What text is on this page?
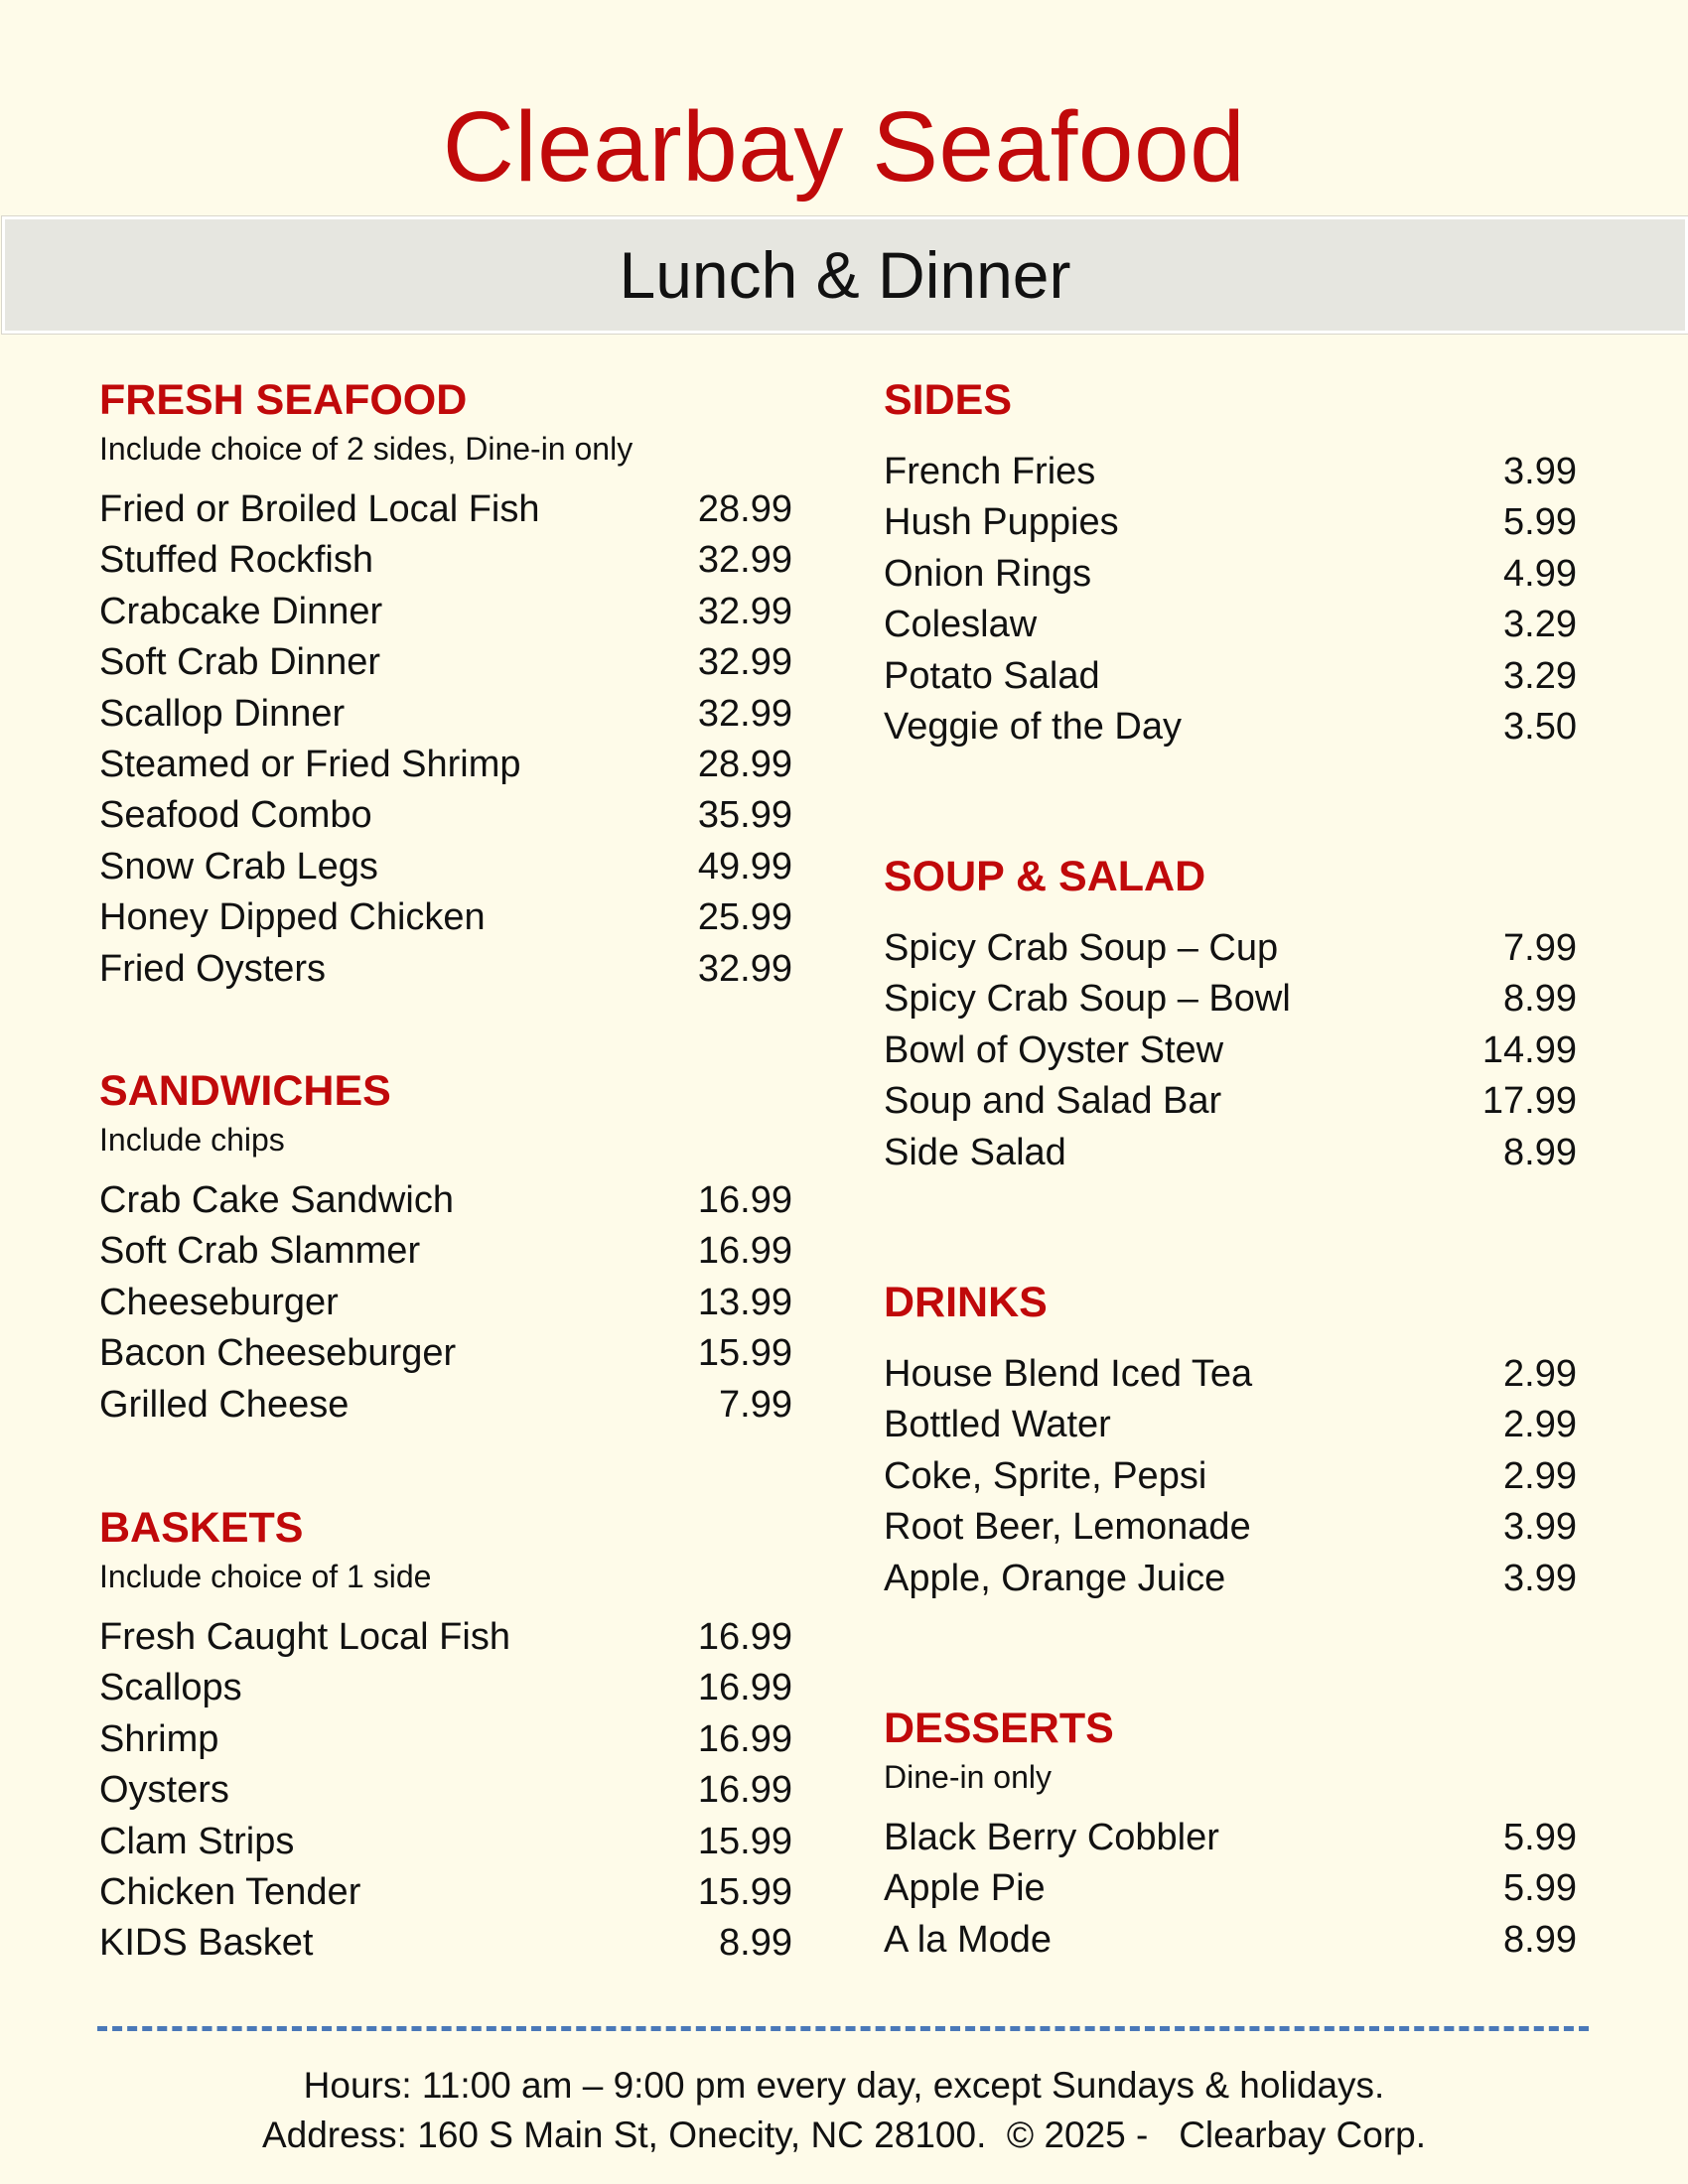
Clearbay Seafood
Lunch & Dinner
FRESH SEAFOOD
Include choice of 2 sides, Dine-in only
Fried or Broiled Local Fish	28.99
Stuffed Rockfish	32.99
Crabcake Dinner	32.99
Soft Crab Dinner	32.99
Scallop Dinner	32.99
Steamed or Fried Shrimp	28.99
Seafood Combo	35.99
Snow Crab Legs	49.99
Honey Dipped Chicken	25.99
Fried Oysters	32.99
SANDWICHES
Include chips
Crab Cake Sandwich	16.99
Soft Crab Slammer	16.99
Cheeseburger	13.99
Bacon Cheeseburger	15.99
Grilled Cheese	7.99
BASKETS
Include choice of 1 side
Fresh Caught Local Fish	16.99
Scallops	16.99
Shrimp	16.99
Oysters	16.99
Clam Strips	15.99
Chicken Tender	15.99
KIDS Basket	8.99
SIDES
French Fries	3.99
Hush Puppies	5.99
Onion Rings	4.99
Coleslaw	3.29
Potato Salad	3.29
Veggie of the Day	3.50
SOUP & SALAD
Spicy Crab Soup – Cup	7.99
Spicy Crab Soup – Bowl	8.99
Bowl of Oyster Stew	14.99
Soup and Salad Bar	17.99
Side Salad	8.99
DRINKS
House Blend Iced Tea	2.99
Bottled Water	2.99
Coke, Sprite, Pepsi	2.99
Root Beer, Lemonade	3.99
Apple, Orange Juice	3.99
DESSERTS
Dine-in only
Black Berry Cobbler	5.99
Apple Pie	5.99
A la Mode	8.99
Hours: 11:00 am – 9:00 pm every day, except Sundays & holidays.
Address: 160 S Main St, Onecity, NC 28100.  © 2025 -   Clearbay Corp.
